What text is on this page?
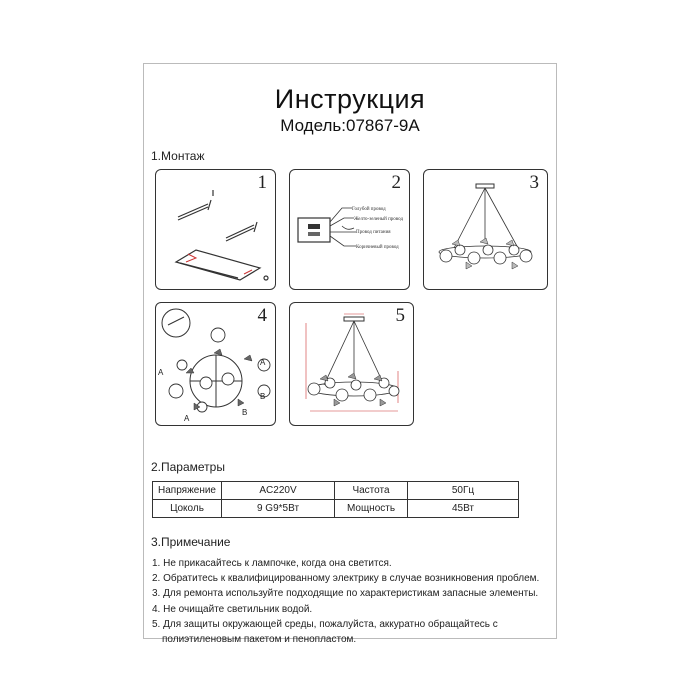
Инструкция
Модель:07867-9A
1.Монтаж
1	2
Голубой провод
Желто-зеленый провод
Провод питания
Коричневый провод
3
4
A
A
A
B
B
5
2.Параметры
Напряжение	AC220V	Частота	50Гц
Цоколь	9 G9*5Вт	Мощность	45Вт
3.Примечание
1. Не прикасайтесь к лампочке, когда она светится.
2. Обратитесь к квалифицированному электрику в случае возникновения проблем.
3. Для ремонта используйте подходящие по характеристикам запасные элементы.
4. Не очищайте светильник водой.
5. Для защиты окружающей среды, пожалуйста, аккуратно обращайтесь с
полиэтиленовым пакетом и пенопластом.
